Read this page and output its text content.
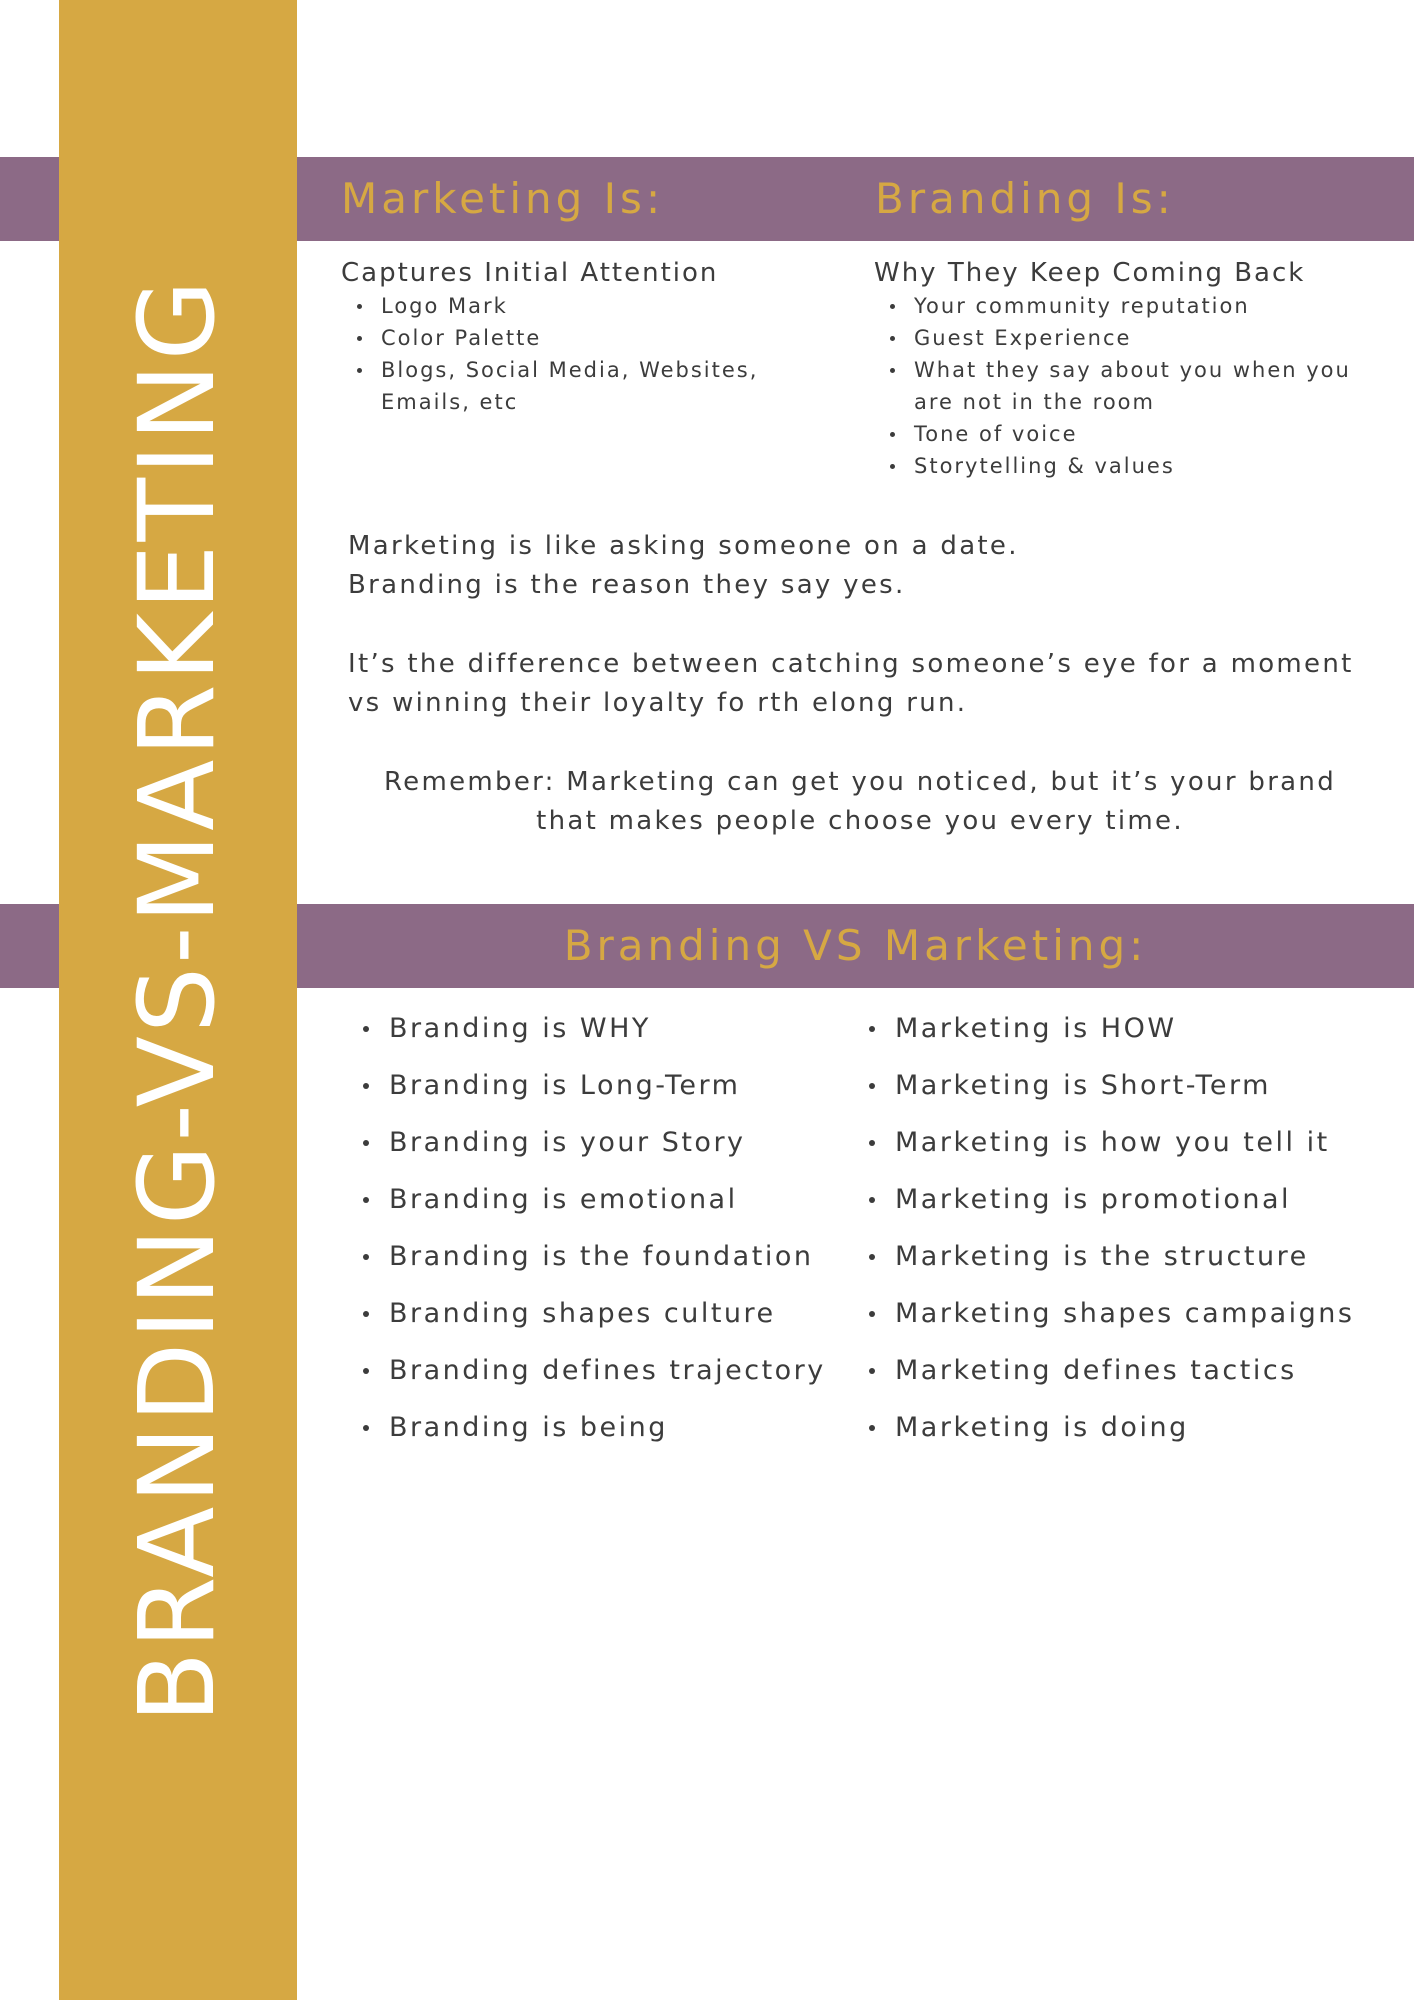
BRANDING-VS-MARKETING
Marketing Is:	Branding Is:
Captures Initial Attention
Logo Mark
Color Palette
Blogs, Social Media, Websites, Emails, etc
Why They Keep Coming Back
Your community reputation
Guest Experience
What they say about you when you are not in the room
Tone of voice
Storytelling & values
Marketing is like asking someone on a date.
Branding is the reason they say yes.
It’s the difference between catching someone’s eye for a moment vs winning their loyalty fo rth elong run.
Remember: Marketing can get you noticed, but it’s your brand that makes people choose you every time.
Branding VS Marketing:
Branding is WHY
Branding is Long-Term
Branding is your Story
Branding is emotional
Branding is the foundation
Branding shapes culture
Branding defines trajectory
Branding is being
Marketing is HOW
Marketing is Short-Term
Marketing is how you tell it
Marketing is promotional
Marketing is the structure
Marketing shapes campaigns
Marketing defines tactics
Marketing is doing
